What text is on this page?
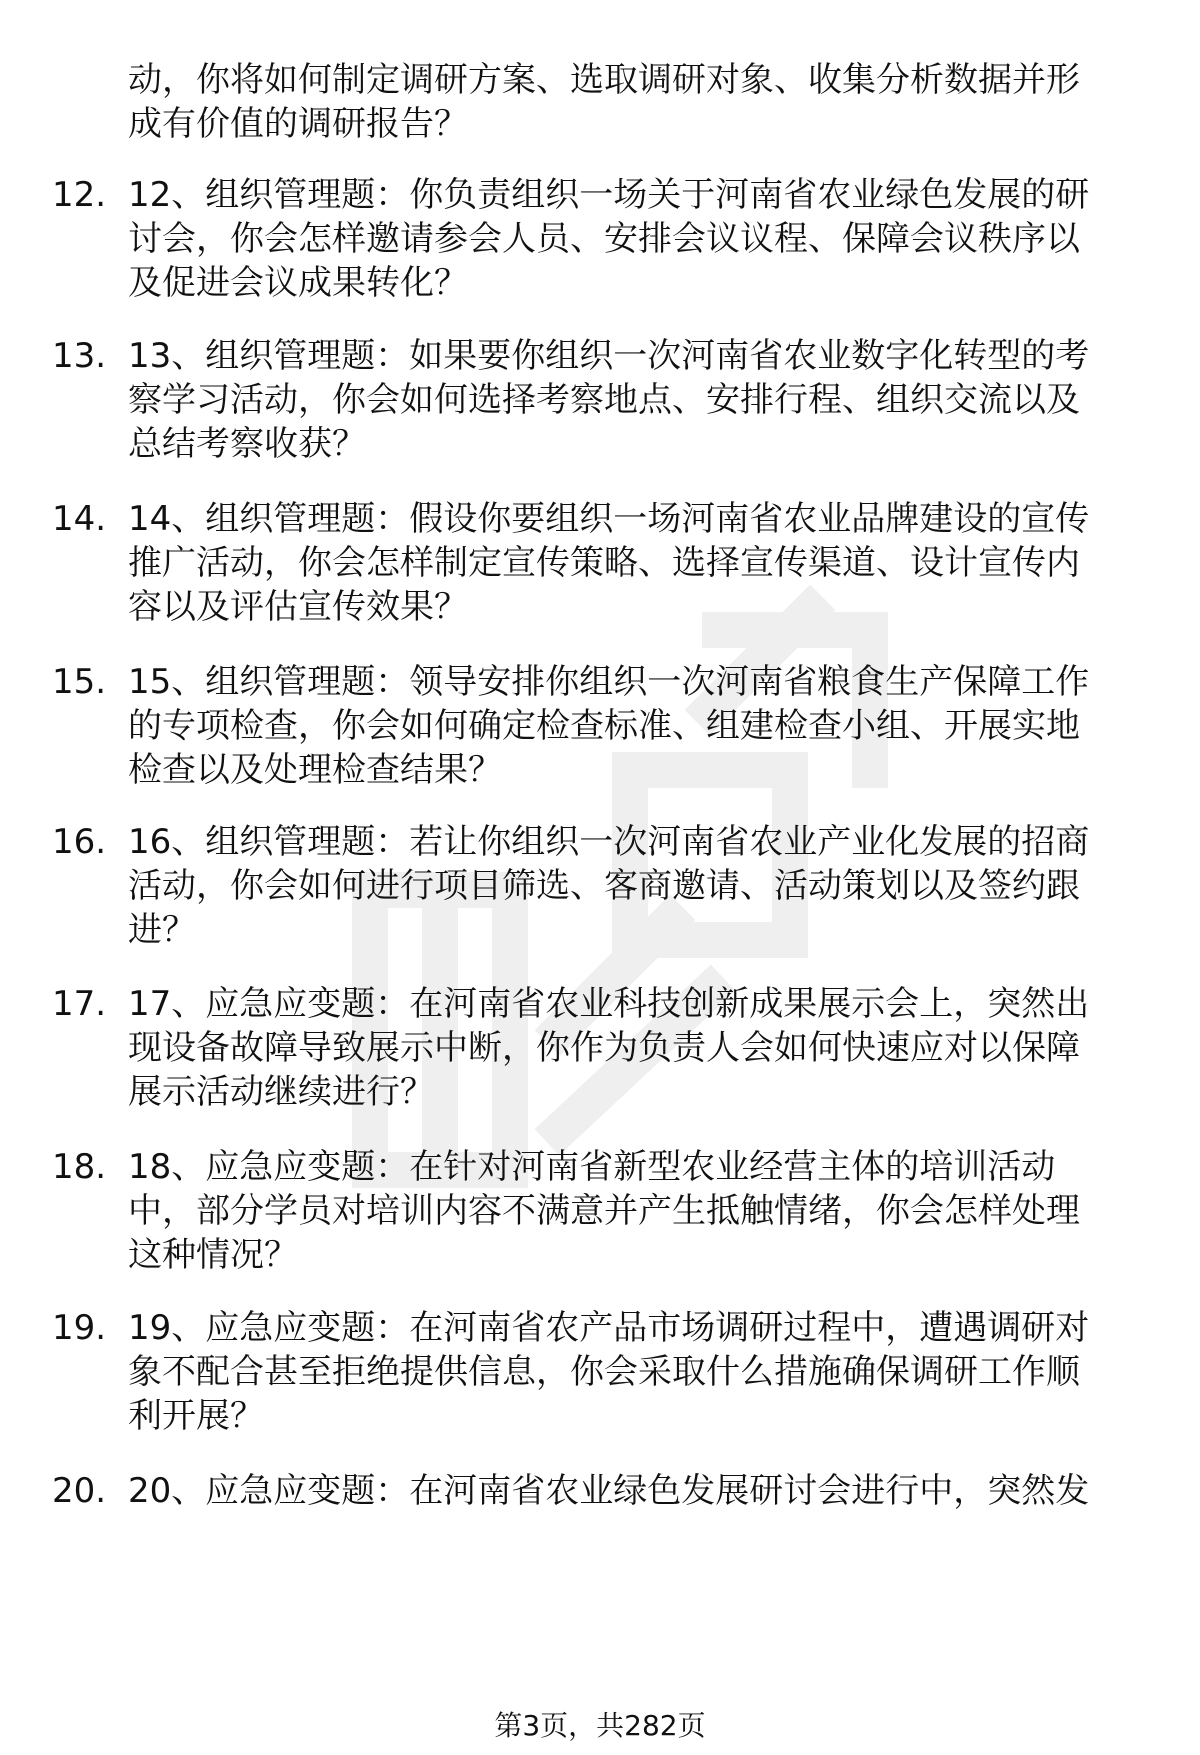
动，你将如何制定调研方案、选取调研对象、收集分析数据并形
成有价值的调研报告？
12. 12、组织管理题：你负责组织一场关于河南省农业绿色发展的研
讨会，你会怎样邀请参会人员、安排会议议程、保障会议秩序以
及促进会议成果转化？
13. 13、组织管理题：如果要你组织一次河南省农业数字化转型的考
察学习活动，你会如何选择考察地点、安排行程、组织交流以及
总结考察收获？
14. 14、组织管理题：假设你要组织一场河南省农业品牌建设的宣传
推广活动，你会怎样制定宣传策略、选择宣传渠道、设计宣传内
容以及评估宣传效果？
15. 15、组织管理题：领导安排你组织一次河南省粮食生产保障工作
的专项检查，你会如何确定检查标准、组建检查小组、开展实地
检查以及处理检查结果？
16. 16、组织管理题：若让你组织一次河南省农业产业化发展的招商
活动，你会如何进行项目筛选、客商邀请、活动策划以及签约跟
进？
17. 17、应急应变题：在河南省农业科技创新成果展示会上，突然出
现设备故障导致展示中断，你作为负责人会如何快速应对以保障
展示活动继续进行？
18. 18、应急应变题：在针对河南省新型农业经营主体的培训活动
中，部分学员对培训内容不满意并产生抵触情绪，你会怎样处理
这种情况？
19. 19、应急应变题：在河南省农产品市场调研过程中，遭遇调研对
象不配合甚至拒绝提供信息，你会采取什么措施确保调研工作顺
利开展？
20. 20、应急应变题：在河南省农业绿色发展研讨会进行中，突然发
第3页，共282页
